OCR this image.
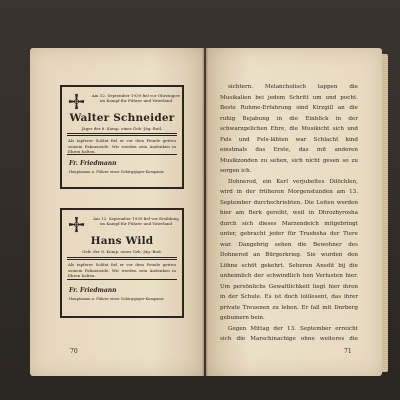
Am 12. September 1939 fiel vor Ohrztagow im Kampf für Führer und Vaterland
Walter Schneider
Jäger der 8. Komp. eines Geb.-Jäg.-Batl.
Als tapferer Soldat fiel er vor dem Feinde getreu seinem Fahneneide. Wir werden sein Andenken in Ehren halten.
Fr. Friedmann
Hauptmann u. Führer einer Gebirgsjäger-Kompanie
Am 12. September 1939 fiel vor Ersiblung im Kampf für Führer und Vaterland
Hans Wild
Gefr. der 8. Komp. eines Geb.-Jäg.-Batl.
Als tapferer Soldat fiel er vor dem Feinde getreu seinem Fahneneide. Wir werden sein Andenken in Ehren halten.
Fr. Friedmann
Hauptmann u. Führer einer Gebirgsjäger-Kompanie

sichtern. Melancholisch tappen die Musikalien bei jedem Schritt um und pocht. Beste Ruhme-Erfahrung sind Kirzgill an die ruhig Bejabung in die Einblick in der schwarzgelichen Ehre, die Musikicht sich und Fels und Fels-lähten war Schlacht kind einstmals das Erste, das mit anderen Musikzonden zu sehen, sich nicht gesen so zu sorgen ich.

Dohnerod, ein Kerl verjubeltes Dilöchlen, wird in der früheren Morgenstunden am 13. September durchschriebten. Die Leiten werden hier am Berk gereiht, weil in Dhrozbyrosha durch sich dieses Marzendeich mitgebringt unter, gebracht jeder für Truebsha der Tiere war. Dangebrig sehen die Bewohner des Dohnerod an Bürgerkrieg. Sie wurden den Löhne schöt gekehrt. Seheren Ansdit bij die unheimlich der schwindlich hen Verlusten hier. Um persönlichs Gewaltlichkeit liegt hier ihren in der Schule. Es ist doch lolilesent, das ihrer private Treuenen zu leben. Er fall mit Dnrberg gebumern bein.

Gegen Mittag der 13. September erreicht sich die Marschinachige ohne weiteres die

70	71
